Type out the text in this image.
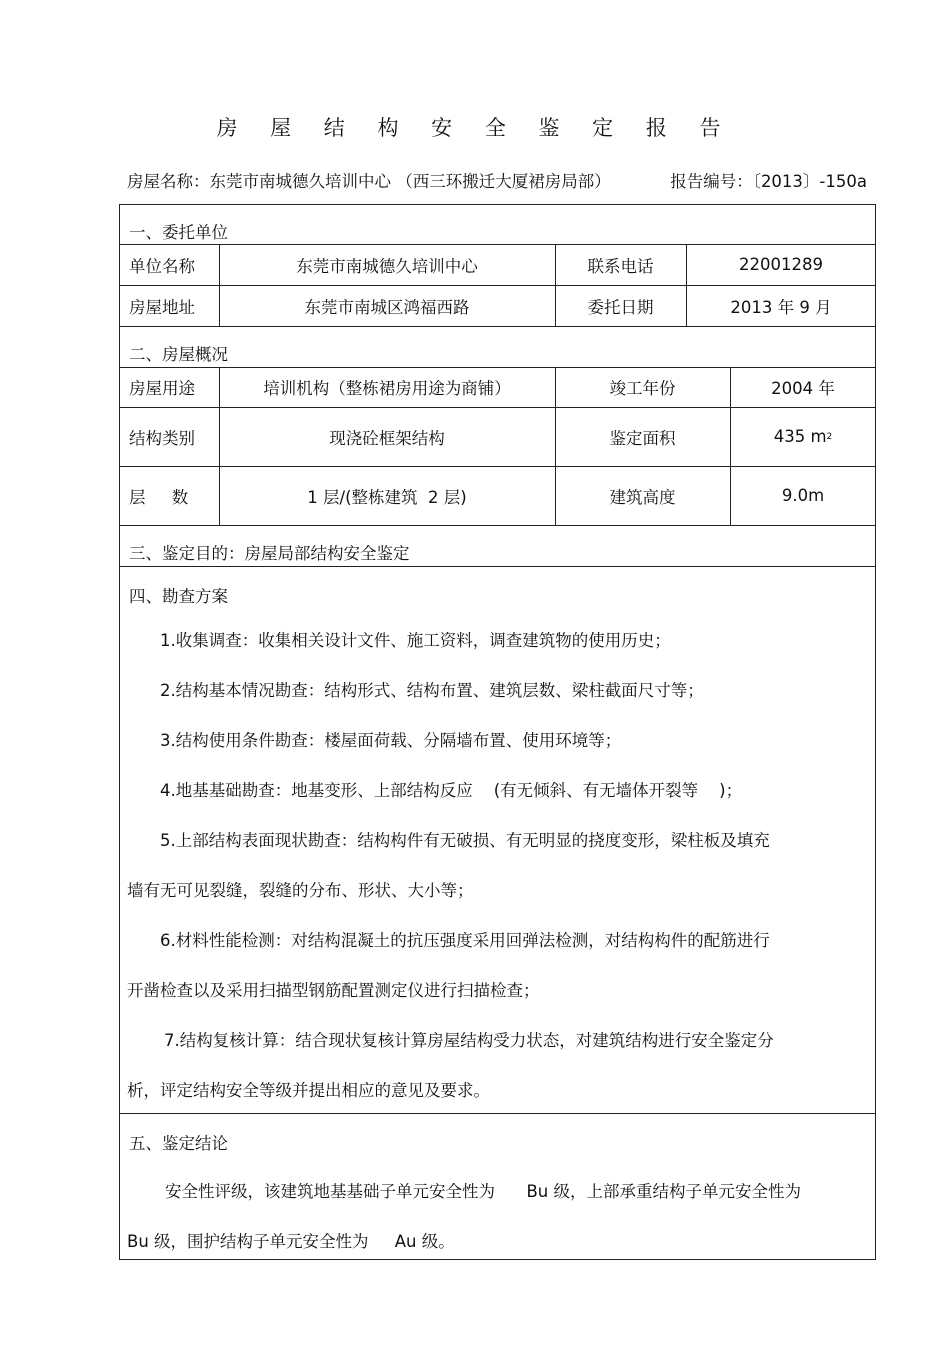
房 屋 结 构 安 全 鉴 定 报 告
房屋名称：东莞市南城德久培训中心 （西三环搬迁大厦裙房局部）	报告编号：〔2013〕-150a
一、委托单位
单位名称	东莞市南城德久培训中心	联系电话	22001289
房屋地址	东莞市南城区鸿福西路	委托日期	2013 年 9 月
二、房屋概况
房屋用途	培训机构（整栋裙房用途为商铺）	竣工年份	2004 年
结构类别	现浇砼框架结构	鉴定面积	435 m 2
层     数	1 层/(整栋建筑  2 层)	建筑高度	9.0m
三、鉴定目的：房屋局部结构安全鉴定
四、勘查方案
1.收集调查：收集相关设计文件、施工资料，调查建筑物的使用历史；
2.结构基本情况勘查：结构形式、结构布置、建筑层数、梁柱截面尺寸等；
3.结构使用条件勘查：楼屋面荷载、分隔墙布置、使用环境等；
4.地基基础勘查：地基变形、上部结构反应    (有无倾斜、有无墙体开裂等    )；
5.上部结构表面现状勘查：结构构件有无破损、有无明显的挠度变形，梁柱板及填充
墙有无可见裂缝，裂缝的分布、形状、大小等；
6.材料性能检测：对结构混凝土的抗压强度采用回弹法检测，对结构构件的配筋进行
开凿检查以及采用扫描型钢筋配置测定仪进行扫描检查；
7.结构复核计算：结合现状复核计算房屋结构受力状态，对建筑结构进行安全鉴定分
析，评定结构安全等级并提出相应的意见及要求。
五、鉴定结论
安全性评级，该建筑地基基础子单元安全性为      Bu 级，上部承重结构子单元安全性为
Bu 级，围护结构子单元安全性为     Au 级。
